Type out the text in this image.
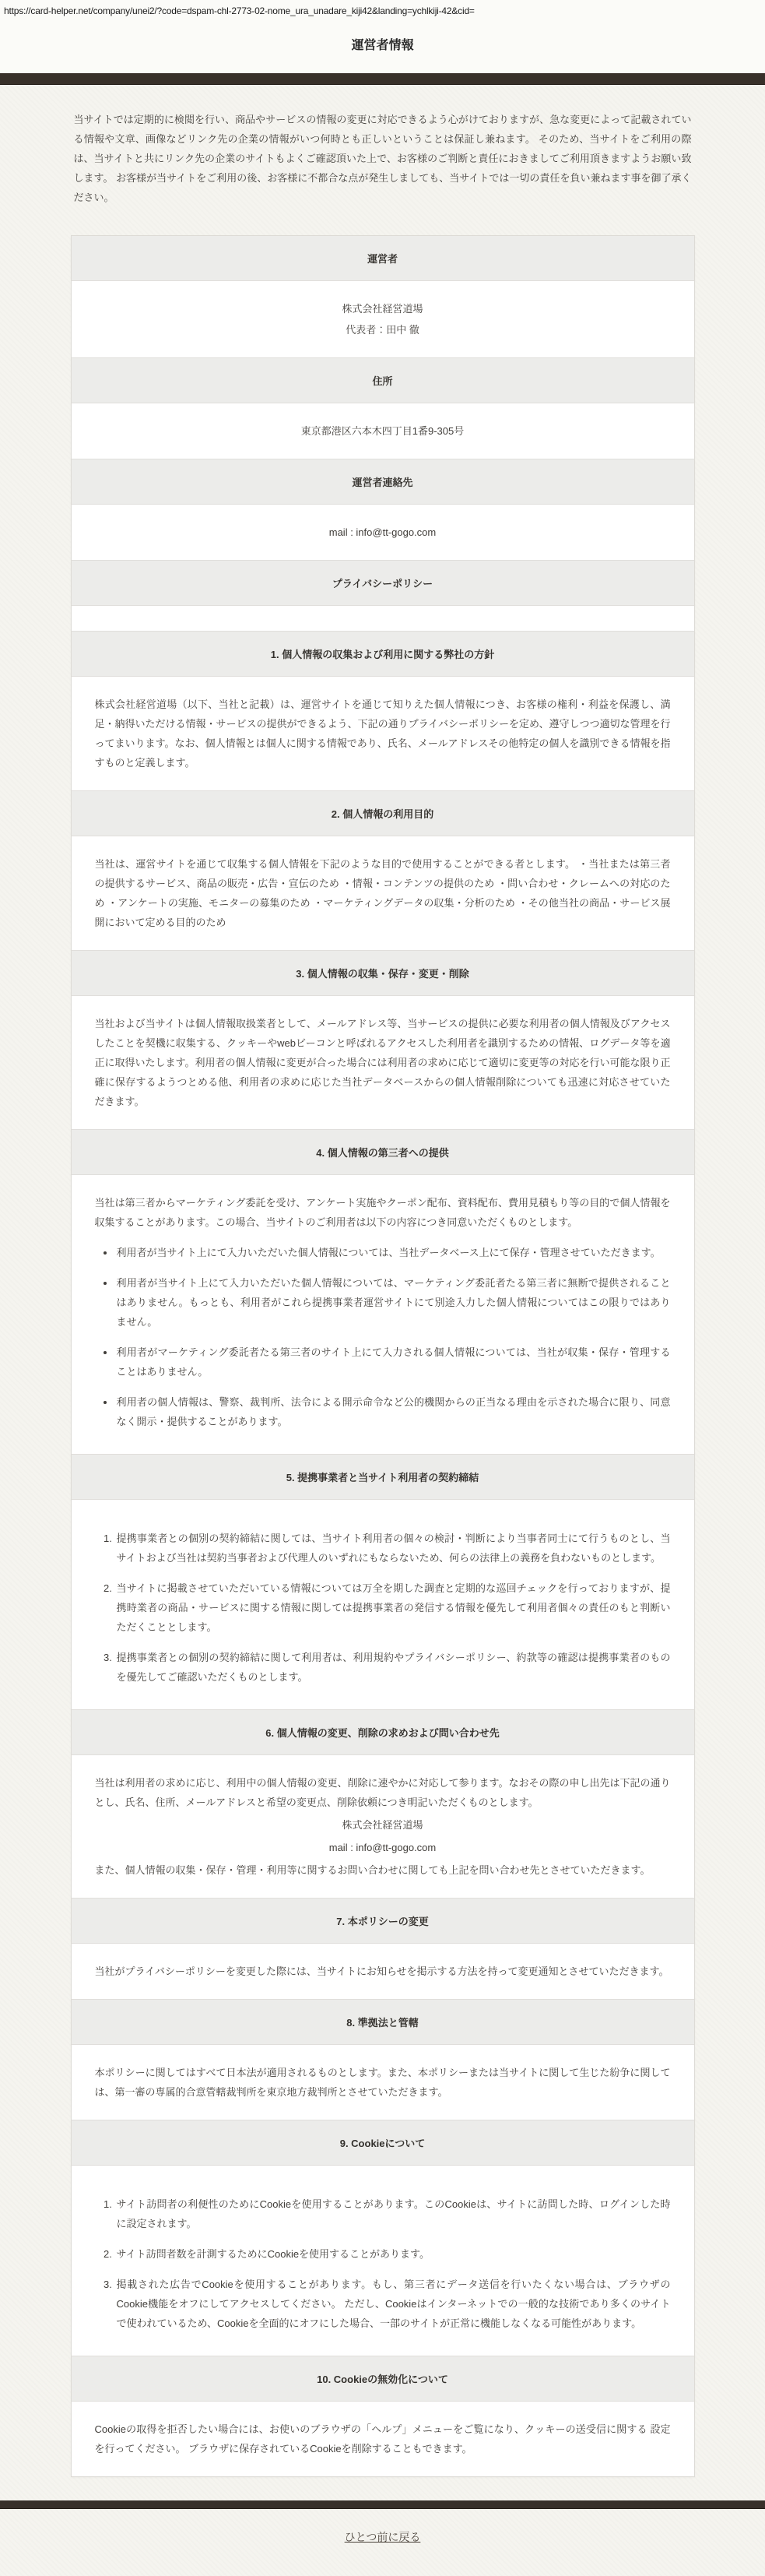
https://card-helper.net/company/unei2/?code=dspam-chl-2773-02-nome_ura_unadare_kiji42&landing=ychlkiji-42&cid=
運営者情報

当サイトでは定期的に検閲を行い、商品やサービスの情報の変更に対応できるよう心がけておりますが、急な変更によって記載されている情報や文章、画像などリンク先の企業の情報がいつ何時とも正しいということは保証し兼ねます。 そのため、当サイトをご利用の際は、当サイトと共にリンク先の企業のサイトもよくご確認頂いた上で、お客様のご判断と責任におきましてご利用頂きますようお願い致します。 お客様が当サイトをご利用の後、お客様に不都合な点が発生しましても、当サイトでは一切の責任を負い兼ねます事を御了承ください。

運営者

株式会社経営道場

代表者：田中 徹

住所

東京都港区六本木四丁目1番9-305号

運営者連絡先

mail : info@tt-gogo.com

プライバシーポリシー
1. 個人情報の収集および利用に関する弊社の方針

株式会社経営道場（以下、当社と記載）は、運営サイトを通じて知りえた個人情報につき、お客様の権利・利益を保護し、満足・納得いただける情報・サービスの提供ができるよう、下記の通りプライバシーポリシーを定め、遵守しつつ適切な管理を行ってまいります。なお、個人情報とは個人に関する情報であり、氏名、メールアドレスその他特定の個人を識別できる情報を指すものと定義します。

2. 個人情報の利用目的

当社は、運営サイトを通じて収集する個人情報を下記のような目的で使用することができる者とします。 ・当社または第三者の提供するサービス、商品の販売・広告・宣伝のため ・情報・コンテンツの提供のため ・問い合わせ・クレームへの対応のため ・アンケートの実施、モニターの募集のため ・マーケティングデータの収集・分析のため ・その他当社の商品・サービス展開において定める目的のため

3. 個人情報の収集・保存・変更・削除

当社および当サイトは個人情報取扱業者として、メールアドレス等、当サービスの提供に必要な利用者の個人情報及びアクセスしたことを契機に収集する、クッキーやwebビーコンと呼ばれるアクセスした利用者を識別するための情報、ログデータ等を適正に取得いたします。利用者の個人情報に変更が合った場合には利用者の求めに応じて適切に変更等の対応を行い可能な限り正確に保存するようつとめる他、利用者の求めに応じた当社データベースからの個人情報削除についても迅速に対応させていただきます。

4. 個人情報の第三者への提供

当社は第三者からマーケティング委託を受け、アンケート実施やクーポン配布、資料配布、費用見積もり等の目的で個人情報を収集することがあります。この場合、当サイトのご利用者は以下の内容につき同意いただくものとします。

• 利用者が当サイト上にて入力いただいた個人情報については、当社データベース上にて保存・管理させていただきます。
• 利用者が当サイト上にて入力いただいた個人情報については、マーケティング委託者たる第三者に無断で提供されることはありません。もっとも、利用者がこれら提携事業者運営サイトにて別途入力した個人情報についてはこの限りではありません。
• 利用者がマーケティング委託者たる第三者のサイト上にて入力される個人情報については、当社が収集・保存・管理することはありません。
• 利用者の個人情報は、警察、裁判所、法令による開示命令など公的機関からの正当なる理由を示された場合に限り、同意なく開示・提供することがあります。
5. 提携事業者と当サイト利用者の契約締結
1. 提携事業者との個別の契約締結に関しては、当サイト利用者の個々の検討・判断により当事者同士にて行うものとし、当サイトおよび当社は契約当事者および代理人のいずれにもならないため、何らの法律上の義務を負わないものとします。
2. 当サイトに掲載させていただいている情報については万全を期した調査と定期的な巡回チェックを行っておりますが、提携時業者の商品・サービスに関する情報に関しては提携事業者の発信する情報を優先して利用者個々の責任のもと判断いただくこととします。
3. 提携事業者との個別の契約締結に関して利用者は、利用規約やプライバシーポリシー、約款等の確認は提携事業者のものを優先してご確認いただくものとします。
6. 個人情報の変更、削除の求めおよび問い合わせ先

当社は利用者の求めに応じ、利用中の個人情報の変更、削除に速やかに対応して参ります。なおその際の申し出先は下記の通りとし、氏名、住所、メールアドレスと希望の変更点、削除依頼につき明記いただくものとします。

株式会社経営道場

mail : info@tt-gogo.com

また、個人情報の収集・保存・管理・利用等に関するお問い合わせに関しても上記を問い合わせ先とさせていただきます。

7. 本ポリシーの変更

当社がプライバシーポリシーを変更した際には、当サイトにお知らせを掲示する方法を持って変更通知とさせていただきます。

8. 準拠法と管轄

本ポリシーに関してはすべて日本法が適用されるものとします。また、本ポリシーまたは当サイトに関して生じた紛争に関しては、第一審の専属的合意管轄裁判所を東京地方裁判所とさせていただきます。

9. Cookieについて
1. サイト訪問者の利便性のためにCookieを使用することがあります。このCookieは、サイトに訪問した時、ログインした時に設定されます。
2. サイト訪問者数を計測するためにCookieを使用することがあります。
3. 掲載された広告でCookieを使用することがあります。もし、第三者にデータ送信を行いたくない場合は、ブラウザのCookie機能をオフにしてアクセスしてください。 ただし、Cookieはインターネットでの一般的な技術であり多くのサイトで使われているため、Cookieを全面的にオフにした場合、一部のサイトが正常に機能しなくなる可能性があります。
10. Cookieの無効化について

Cookieの取得を拒否したい場合には、お使いのブラウザの「ヘルプ」メニューをご覧になり、クッキーの送受信に関する 設定を行ってください。 ブラウザに保存されているCookieを削除することもできます。

ひとつ前に戻る
